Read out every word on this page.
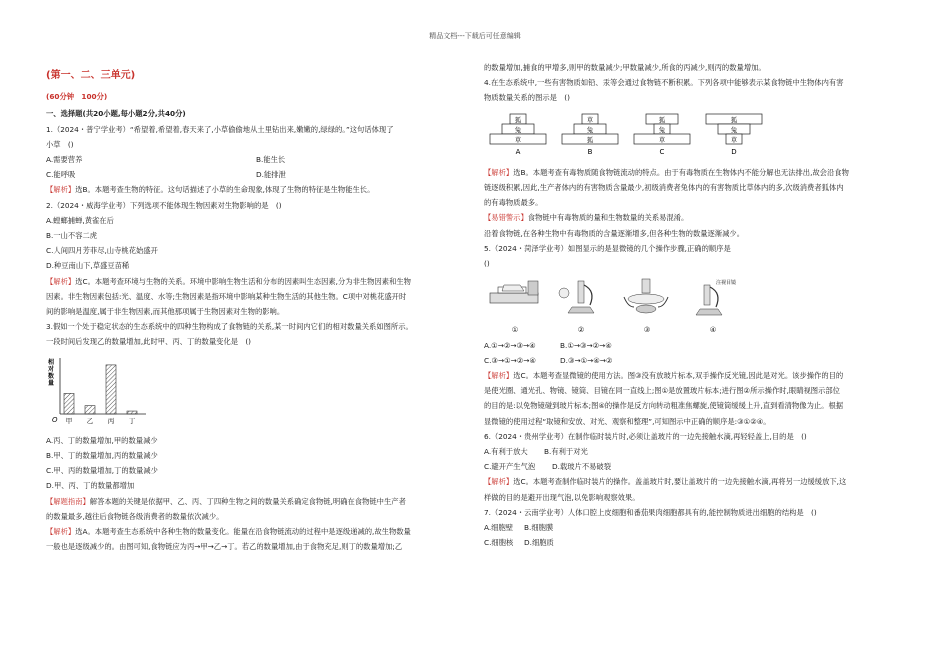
精品文档---下载后可任意编辑
(第一、二、三单元)
(60分钟　100分)
一、选择题(共20小题,每小题2分,共40分)
1.（2024・普宁学业考）“希望着,希望着,春天来了,小草偷偷地从土里钻出来,嫩嫩的,绿绿的。”这句话体现了
小草　()
A.需要营养	B.能生长
C.能呼吸	D.能排泄
【解析】选B。本题考查生物的特征。这句话描述了小草的生命现象,体现了生物的特征是生物能生长。
2.（2024・威海学业考）下列选项不能体现生物因素对生物影响的是　()
A.螳螂捕蝉,黄雀在后
B.一山不容二虎
C.人间四月芳菲尽,山寺桃花始盛开
D.种豆南山下,草盛豆苗稀
【解析】选C。本题考查环境与生物的关系。环境中影响生物生活和分布的因素叫生态因素,分为非生物因素和生物
因素。非生物因素包括:光、温度、水等;生物因素是指环境中影响某种生物生活的其他生物。C项中对桃花盛开时
间的影响是温度,属于非生物因素,而其他那项属于生物因素对生物的影响。
3.假如一个处于稳定状态的生态系统中的四种生物构成了食物链的关系,某一时间内它们的相对数量关系如图所示。
一段时间后发现乙的数量增加,此时甲、丙、丁的数量变化是　()
相
对
数
量
O 甲 乙 丙 丁
A.丙、丁的数量增加,甲的数量减少
B.甲、丁的数量增加,丙的数量减少
C.甲、丙的数量增加,丁的数量减少
D.甲、丙、丁的数量都增加
【解题指南】解答本题的关键是依据甲、乙、丙、丁四种生物之间的数量关系确定食物链,明确在食物链中生产者
的数量最多,越往后食物链各级消费者的数量依次减少。
【解析】选A。本题考查生态系统中各种生物的数量变化。能量在沿食物链流动的过程中是逐级递减的,故生物数量
一般也是逐级减少的。由图可知,食物链应为丙→甲→乙→丁。若乙的数量增加,由于食物充足,则丁的数量增加;乙
的数量增加,捕食的甲增多,则甲的数量减少;甲数量减少,所食的丙减少,则丙的数量增加。
4.在生态系统中,一些有害物质如铅、汞等会通过食物链不断积累。下列各项中能够表示某食物链中生物体内有害
物质数量关系的图示是　()
狐
兔
草
A
草
兔
狐
B
狐
兔
草
C
狐
兔
草
D
【解析】选B。本题考查有毒物质随食物链流动的特点。由于有毒物质在生物体内不能分解也无法排出,故会沿食物
链逐级积累,因此,生产者体内的有害物质含量最少,初级消费者兔体内的有害物质比草体内的多,次级消费者狐体内
的有毒物质最多。
【易错警示】食物链中有毒物质的量和生物数量的关系易混淆。
沿着食物链,在各种生物中有毒物质的含量逐渐增多,但各种生物的数量逐渐减少。
5.（2024・菏泽学业考）如图显示的是显微镜的几个操作步骤,正确的顺序是
()
①	②	③
注视目镜
④
A.①→②→③→④	B.①→③→②→④
C.③→①→②→④	D.③→①→④→②
【解析】选C。本题考查显微镜的使用方法。图③没有放玻片标本,双手操作反光镜,因此是对光。该步操作的目的
是使光圈、通光孔、物镜、镜筒、目镜在同一直线上;图①是放置玻片标本;进行图②所示操作时,眼睛视图示部位
的目的是:以免物镜碰到玻片标本;图④的操作是反方向转动粗准焦螺旋,使镜筒缓缓上升,直到看清物像为止。根据
显微镜的使用过程“取镜和安放、对光、观察和整理”,可知图示中正确的顺序是:③①②④。
6.（2024・贵州学业考）在制作临时装片时,必须让盖玻片的一边先接触水滴,再轻轻盖上,目的是　()
A.有利于放大	B.有利于对光
C.避开产生气泡	D.载玻片不易破裂
【解析】选C。本题考查制作临时装片的操作。盖盖玻片时,要让盖玻片的一边先接触水滴,再将另一边缓缓放下,这
样做的目的是避开出现气泡,以免影响观察效果。
7.（2024・云南学业考）人体口腔上皮细胞和番茄果肉细胞都具有的,能控制物质进出细胞的结构是　()
A.细胞壁	B.细胞膜
C.细胞核	D.细胞质
